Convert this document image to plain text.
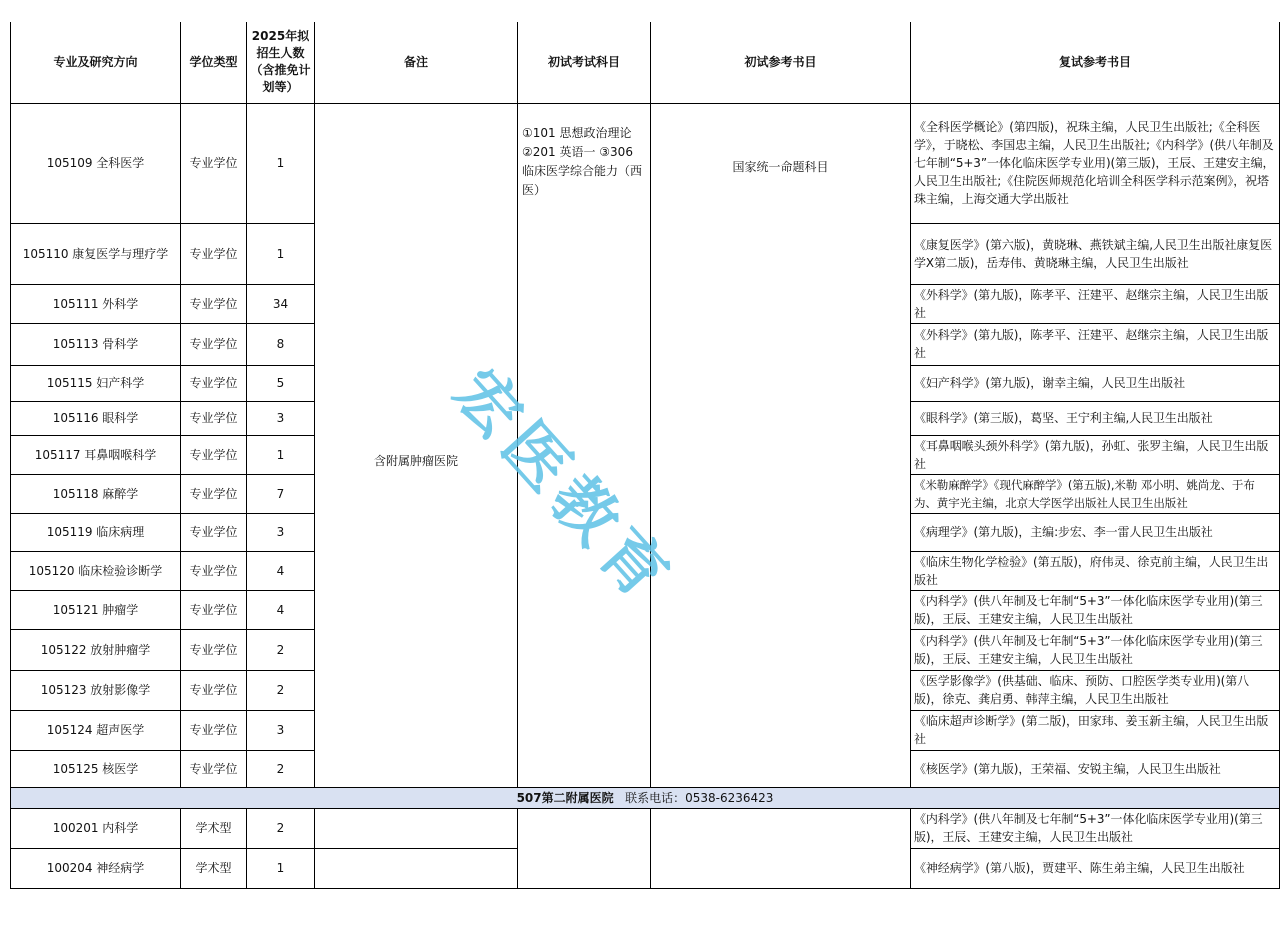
专业及研究方向	学位类型	2025年拟招生人数（含推免计划等）	备注	初试考试科目	初试参考书目	复试参考书目
105109 全科医学	专业学位	1	含附属肿瘤医院	①101 思想政治理论 ②201 英语一 ③306 临床医学综合能力（西医）	国家统一命题科目	《全科医学概论》(第四版)，祝珠主编，人民卫生出版社;《全科医学》，于晓松、李国忠主编，人民卫生出版社;《内科学》(供八年制及七年制“5+3”一体化临床医学专业用)(第三版)，王辰、王建安主编，人民卫生出版社;《住院医师规范化培训全科医学科示范案例》，祝塔珠主编，上海交通大学出版社
105110 康复医学与理疗学	专业学位	1				《康复医学》(第六版)，黄晓琳、燕铁斌主编,人民卫生出版社康复医学X第二版)，岳寿伟、黄晓琳主编，人民卫生出版社
105111 外科学	专业学位	34				《外科学》(第九版)，陈孝平、汪建平、赵继宗主编，人民卫生出版社
105113 骨科学	专业学位	8				《外科学》(第九版)，陈孝平、汪建平、赵继宗主编，人民卫生出版社
105115 妇产科学	专业学位	5				《妇产科学》(第九版)，谢幸主编，人民卫生出版社
105116 眼科学	专业学位	3				《眼科学》(第三版)，葛坚、王宁利主编,人民卫生出版社
105117 耳鼻咽喉科学	专业学位	1				《耳鼻咽喉头颈外科学》(第九版)，孙虹、张罗主编，人民卫生出版社
105118 麻醉学	专业学位	7				《米勒麻醉学》《现代麻醉学》(第五版),米勒 邓小明、姚尚龙、于布为、黄宇光主编，北京大学医学出版社人民卫生出版社
105119 临床病理	专业学位	3				《病理学》(第九版)，主编:步宏、李一雷人民卫生出版社
105120 临床检验诊断学	专业学位	4				《临床生物化学检验》(第五版)，府伟灵、徐克前主编，人民卫生出版社
105121 肿瘤学	专业学位	4				《内科学》(供八年制及七年制“5+3”一体化临床医学专业用)(第三版)，王辰、王建安主编，人民卫生出版社
105122 放射肿瘤学	专业学位	2				《内科学》(供八年制及七年制“5+3”一体化临床医学专业用)(第三版)，王辰、王建安主编，人民卫生出版社
105123 放射影像学	专业学位	2				《医学影像学》(供基础、临床、预防、口腔医学类专业用)(第八版)，徐克、龚启勇、韩萍主编，人民卫生出版社
105124 超声医学	专业学位	3				《临床超声诊断学》(第二版)，田家玮、姜玉新主编，人民卫生出版社
105125 核医学	专业学位	2				《核医学》(第九版)，王荣福、安锐主编，人民卫生出版社
507第二附属医院 联系电话：0538-6236423						
100201 内科学	学术型	2				《内科学》(供八年制及七年制“5+3”一体化临床医学专业用)(第三版)，王辰、王建安主编，人民卫生出版社
100204 神经病学	学术型	1				《神经病学》(第八版)，贾建平、陈生弟主编，人民卫生出版社
宏医教育
